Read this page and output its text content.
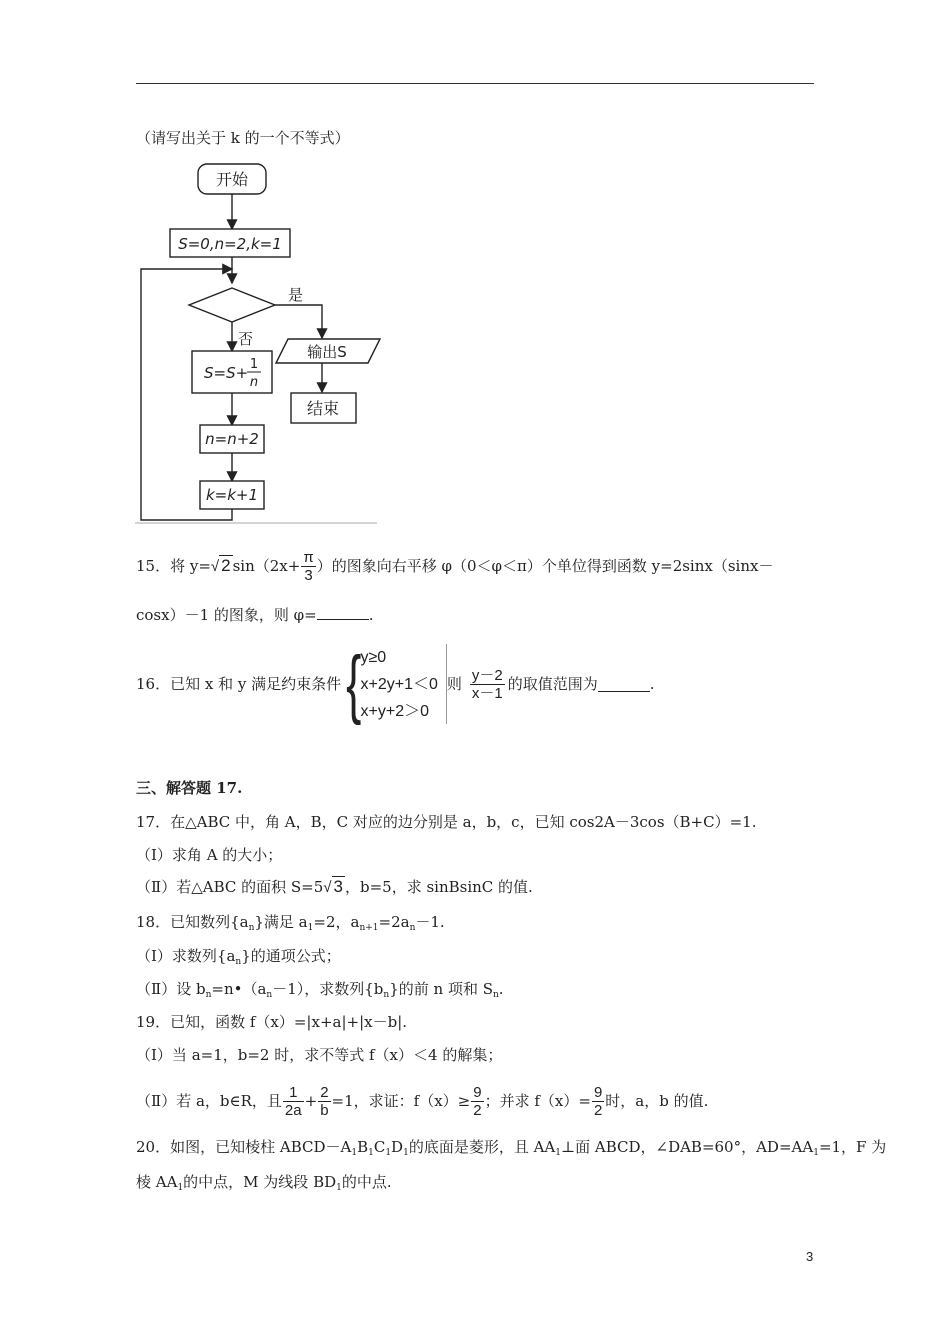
（请写出关于 k 的一个不等式）
开始
S=0,n=2,k=1
是
否
输出S
结束
S=S+ 1
n
n=n+2
k=k+1
15．将 y= √ 2 $\sin(2x+ \frac{\pi}{3}$ ）的图象向右平移 φ（0＜φ＜π）个单位得到函数 y=2sinx（sinx－
cosx）－1 的图象，则 φ=	.
16．已知 x 和 y 满足约束条件 { y≥0
x+2y+1＜0
x+y+2＞0
则 $\frac{y-2}{x-1}$ 的取值范围为	.
三、解答题 17.
17．在△ABC 中，角 A，B，C 对应的边分别是 a，b，c，已知 cos2A－3cos（B+C）=1.
（Ⅰ）求角 A 的大小；
（Ⅱ）若△ABC 的面积 S=5 √ 3 ，b=5，求 sinBsinC 的值.
18．已知数列$\{a_n\}$满足 $a_1=2$，$a_{n+1}=2a_n-1$.
（Ⅰ）求数列$\{a_n\}$的通项公式；
（Ⅱ）设 $b_n=n•(a_n-1)$，求数列$\{b_n\}$的前 n 项和 $S_n$.
19．已知，函数 f（x）=|x+a|+|x－b|.
（Ⅰ）当 a=1，b=2 时，求不等式 f（x）＜4 的解集；
（Ⅱ）若 a，b∈R，且 $\frac{1}{2a} + \frac{2}{b} =1$，求证：$f(x)\ge \frac{9}{2}$ ；并求 $f(x)= \frac{9}{2}$ 时，a，b 的值.
20．如图，已知棱柱 $ABCD-A_1B_1C_1D_1$的底面是菱形，且 $AA_1\perp$面 ABCD，∠DAB=60°，$AD=AA_1=1$，F 为
棱 $AA_1$的中点，M 为线段 $BD_1$的中点.
3
